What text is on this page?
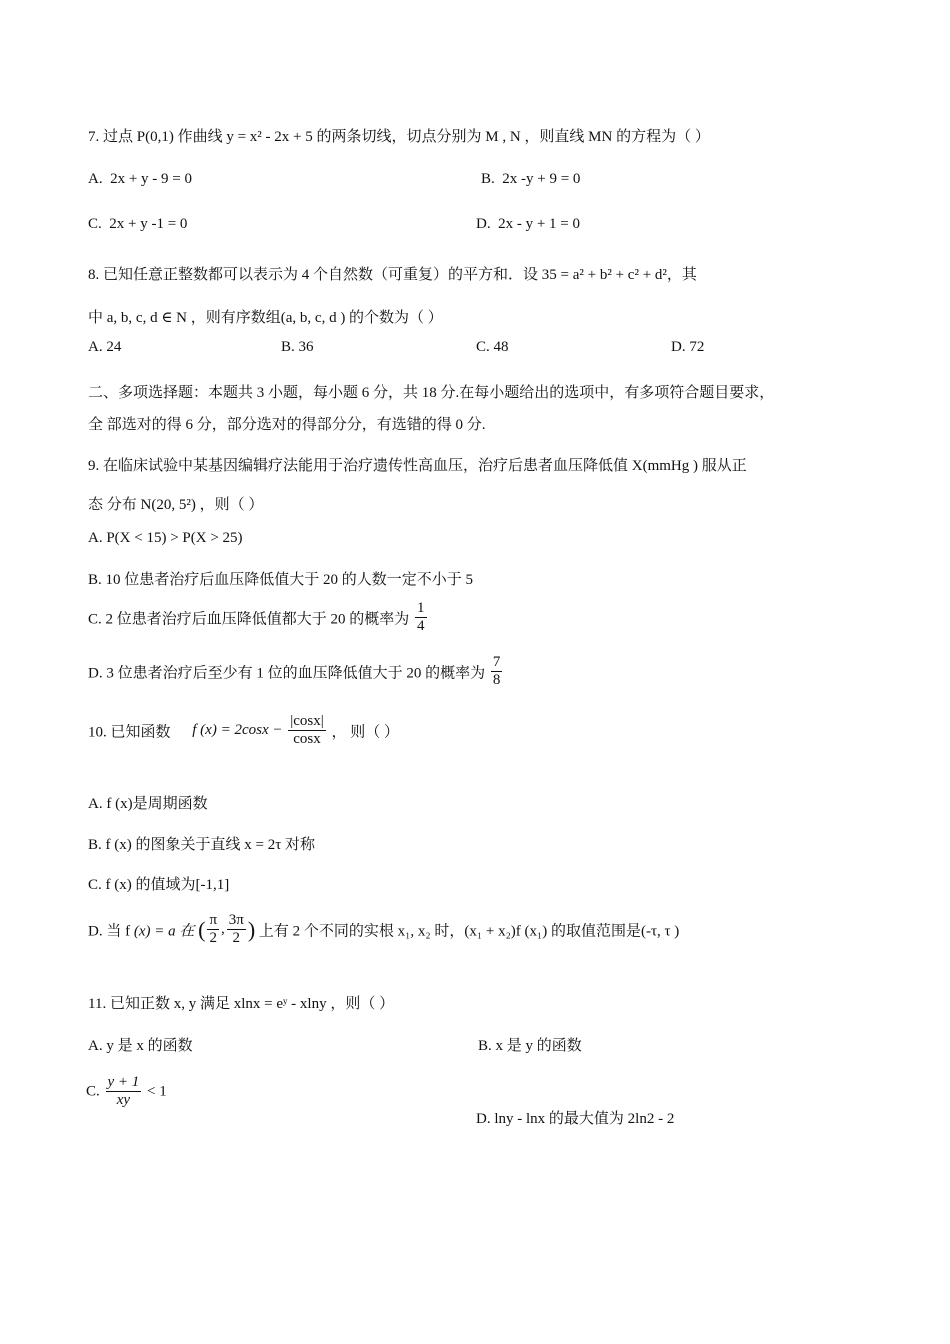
7. 过点 P(0,1) 作曲线 y = x² - 2x + 5 的两条切线，切点分别为 M , N ，则直线 MN 的方程为（ ）
A. 2x + y - 9 = 0	B. 2x -y + 9 = 0
C. 2x + y -1 = 0	D. 2x - y + 1 = 0
8. 已知任意正整数都可以表示为 4 个自然数（可重复）的平方和．设 35 = a² + b² + c² + d²，其
中 a, b, c, d ∈ N ，则有序数组(a, b, c, d ) 的个数为（ ）
A. 24	B. 36	C. 48	D. 72
二、多项选择题：本题共 3 小题，每小题 6 分，共 18 分.在每小题给出的选项中，有多项符合题目要求，
全 部选对的得 6 分，部分选对的得部分分，有选错的得 0 分.
9. 在临床试验中某基因编辑疗法能用于治疗遗传性高血压，治疗后患者血压降低值 X(mmHg ) 服从正
态 分布 N(20, 5²) ，则（ ）
A. P(X < 15) > P(X > 25)
B. 10 位患者治疗后血压降低值大于 20 的人数一定不小于 5
C. 2 位患者治疗后血压降低值都大于 20 的概率为 $\frac{1}{4}$
D. 3 位患者治疗后至少有 1 位的血压降低值大于 20 的概率为 $\frac{7}{8}$
10. 已知函数 f $(x) = 2\cos x - \frac{|\cos x|}{\cos x}$ ， 则（ ）
A. f (x)是周期函数
B. f (x) 的图象关于直线 x = 2τ 对称
C. f (x) 的值域为[-1,1]
D. 当 f (x) = a 在 ( $\frac{\pi}{2}$ , $\frac{3\pi}{2}$ ) 上有 2 个不同的实根 x₁, x₂ 时，(x₁ + x₂)f (x₁) 的取值范围是(-τ, τ )
11. 已知正数 x, y 满足 xlnx = eʸ - xlny ，则（ ）
A. y 是 x 的函数	B. x 是 y 的函数
C. $\frac{y + 1}{xy} < 1$
D. lny - lnx 的最大值为 2ln2 - 2
